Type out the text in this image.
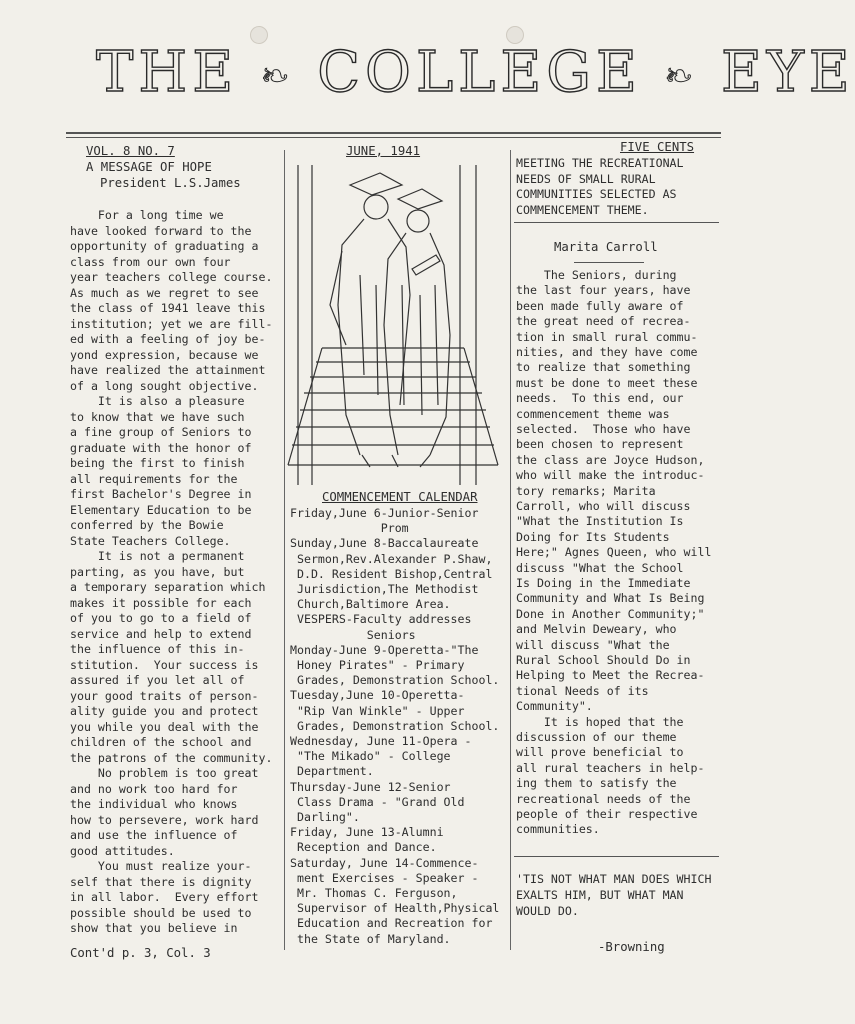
THE ❧ COLLEGE ❧ EYE
VOL. 8 NO. 7	JUNE, 1941	FIVE CENTS
A MESSAGE OF HOPE
President L.S.James
For a long time we
have looked forward to the
opportunity of graduating a
class from our own four
year teachers college course.
As much as we regret to see
the class of 1941 leave this
institution; yet we are fill-
ed with a feeling of joy be-
yond expression, because we
have realized the attainment
of a long sought objective.
It is also a pleasure
to know that we have such
a fine group of Seniors to
graduate with the honor of
being the first to finish
all requirements for the
first Bachelor's Degree in
Elementary Education to be
conferred by the Bowie
State Teachers College.
It is not a permanent
parting, as you have, but
a temporary separation which
makes it possible for each
of you to go to a field of
service and help to extend
the influence of this in-
stitution.  Your success is
assured if you let all of
your good traits of person-
ality guide you and protect
you while you deal with the
children of the school and
the patrons of the community.
No problem is too great
and no work too hard for
the individual who knows
how to persevere, work hard
and use the influence of
good attitudes.
You must realize your-
self that there is dignity
in all labor.  Every effort
possible should be used to
show that you believe in
Cont'd p. 3, Col. 3
COMMENCEMENT CALENDAR
Friday,June 6-Junior-Senior
Prom
Sunday,June 8-Baccalaureate
Sermon,Rev.Alexander P.Shaw,
D.D. Resident Bishop,Central
Jurisdiction,The Methodist
Church,Baltimore Area.
VESPERS-Faculty addresses
Seniors
Monday-June 9-Operetta-"The
Honey Pirates" - Primary
Grades, Demonstration School.
Tuesday,June 10-Operetta-
"Rip Van Winkle" - Upper
Grades, Demonstration School.
Wednesday, June 11-Opera -
"The Mikado" - College
Department.
Thursday-June 12-Senior
Class Drama - "Grand Old
Darling".
Friday, June 13-Alumni
Reception and Dance.
Saturday, June 14-Commence-
ment Exercises - Speaker -
Mr. Thomas C. Ferguson,
Supervisor of Health,Physical
Education and Recreation for
the State of Maryland.
MEETING THE RECREATIONAL
NEEDS OF SMALL RURAL
COMMUNITIES SELECTED AS
COMMENCEMENT THEME.
Marita Carroll
The Seniors, during
the last four years, have
been made fully aware of
the great need of recrea-
tion in small rural commu-
nities, and they have come
to realize that something
must be done to meet these
needs.  To this end, our
commencement theme was
selected.  Those who have
been chosen to represent
the class are Joyce Hudson,
who will make the introduc-
tory remarks; Marita
Carroll, who will discuss
"What the Institution Is
Doing for Its Students
Here;" Agnes Queen, who will
discuss "What the School
Is Doing in the Immediate
Community and What Is Being
Done in Another Community;"
and Melvin Deweary, who
will discuss "What the
Rural School Should Do in
Helping to Meet the Recrea-
tional Needs of its
Community".
It is hoped that the
discussion of our theme
will prove beneficial to
all rural teachers in help-
ing them to satisfy the
recreational needs of the
people of their respective
communities.
'TIS NOT WHAT MAN DOES WHICH
EXALTS HIM, BUT WHAT MAN
WOULD DO.
-Browning
